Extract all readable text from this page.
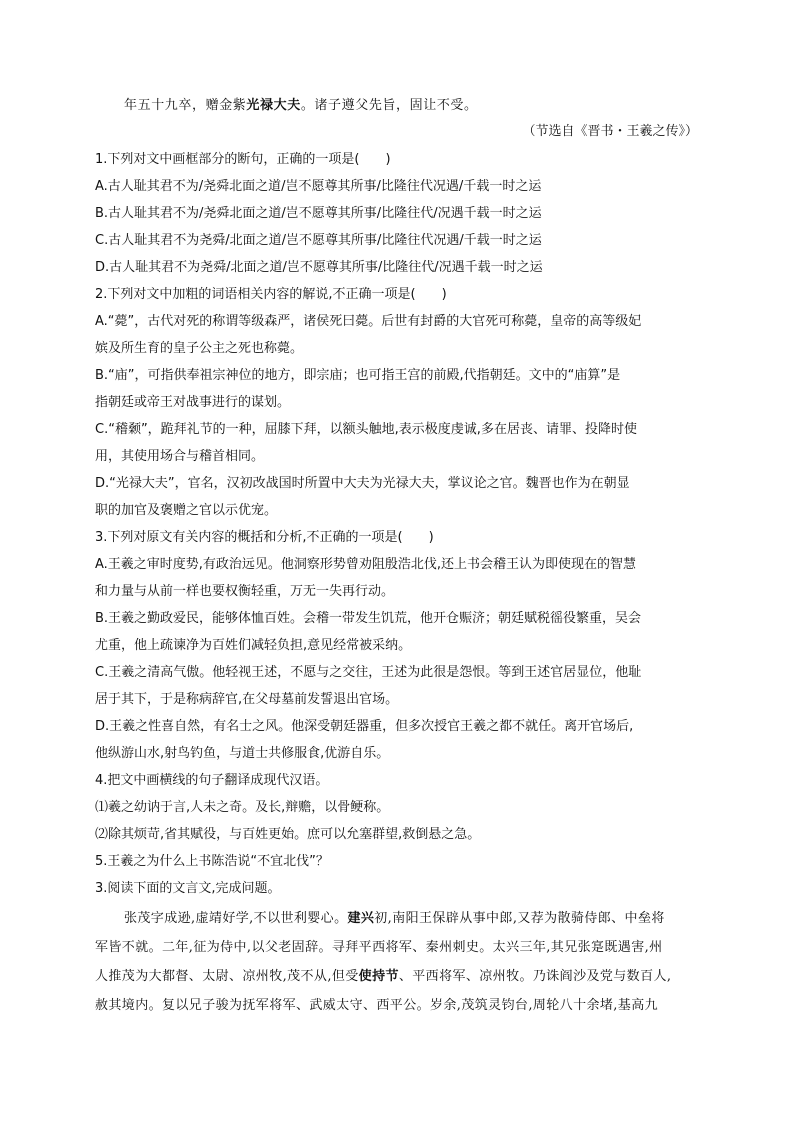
年五十九卒，赠金紫光禄大夫。诸子遵父先旨，固让不受。
（节选自《晋书・王羲之传》）
1.下列对文中画框部分的断句，正确的一项是(　　)
A.古人耻其君不为/尧舜北面之道/岂不愿尊其所事/比隆往代况遇/千载一时之运
B.古人耻其君不为/尧舜北面之道/岂不愿尊其所事/比隆往代/况遇千载一时之运
C.古人耻其君不为尧舜/北面之道/岂不愿尊其所事/比隆往代况遇/千载一时之运
D.古人耻其君不为尧舜/北面之道/岂不愿尊其所事/比隆往代/况遇千载一时之运
2.下列对文中加粗的词语相关内容的解说,不正确一项是(　　)
A.“薨”，古代对死的称谓等级森严，诸侯死曰薨。后世有封爵的大官死可称薨，皇帝的高等级妃
嫔及所生育的皇子公主之死也称薨。
B.“庙”，可指供奉祖宗神位的地方，即宗庙；也可指王宫的前殿,代指朝廷。文中的“庙算”是
指朝廷或帝王对战事进行的谋划。
C.“稽颡”，跪拜礼节的一种，屈膝下拜，以额头触地,表示极度虔诚,多在居丧、请罪、投降时使
用，其使用场合与稽首相同。
D.“光禄大夫”，官名，汉初改战国时所置中大夫为光禄大夫，掌议论之官。魏晋也作为在朝显
职的加官及褒赠之官以示优宠。
3.下列对原文有关内容的概括和分析,不正确的一项是(　　)
A.王羲之审时度势,有政治远见。他洞察形势曾劝阻殷浩北伐,还上书会稽王认为即使现在的智慧
和力量与从前一样也要权衡轻重，万无一失再行动。
B.王羲之勤政爱民，能够体恤百姓。会稽一带发生饥荒，他开仓赈济；朝廷赋税徭役繁重，吴会
尤重，他上疏谏净为百姓们减轻负担,意见经常被采纳。
C.王羲之清高气傲。他轻视王述，不愿与之交往，王述为此很是怨恨。等到王述官居显位，他耻
居于其下，于是称病辞官,在父母墓前发誓退出官场。
D.王羲之性喜自然，有名士之风。他深受朝廷器重，但多次授官王羲之都不就任。离开官场后,
他纵游山水,射鸟钓鱼，与道士共修服食,优游自乐。
4.把文中画横线的句子翻译成现代汉语。
⑴羲之幼讷于言,人未之奇。及长,辩赡，以骨鲠称。
⑵除其烦苛,省其赋役，与百姓更始。庶可以允塞群望,救倒悬之急。
5.王羲之为什么上书陈浩说“不宜北伐”？
3.阅读下面的文言文,完成问题。
张茂字成逊,虚靖好学,不以世利婴心。建兴初,南阳王保辟从事中郎,又荐为散骑侍郎、中垒将
军皆不就。二年,征为侍中,以父老固辞。寻拜平西将军、秦州刺史。太兴三年,其兄张寔既遇害,州
人推茂为大都督、太尉、凉州牧,茂不从,但受使持节、平西将军、凉州牧。乃诛阎沙及党与数百人,
赦其境内。复以兄子骏为抚军将军、武威太守、西平公。岁余,茂筑灵钧台,周轮八十余堵,基高九
